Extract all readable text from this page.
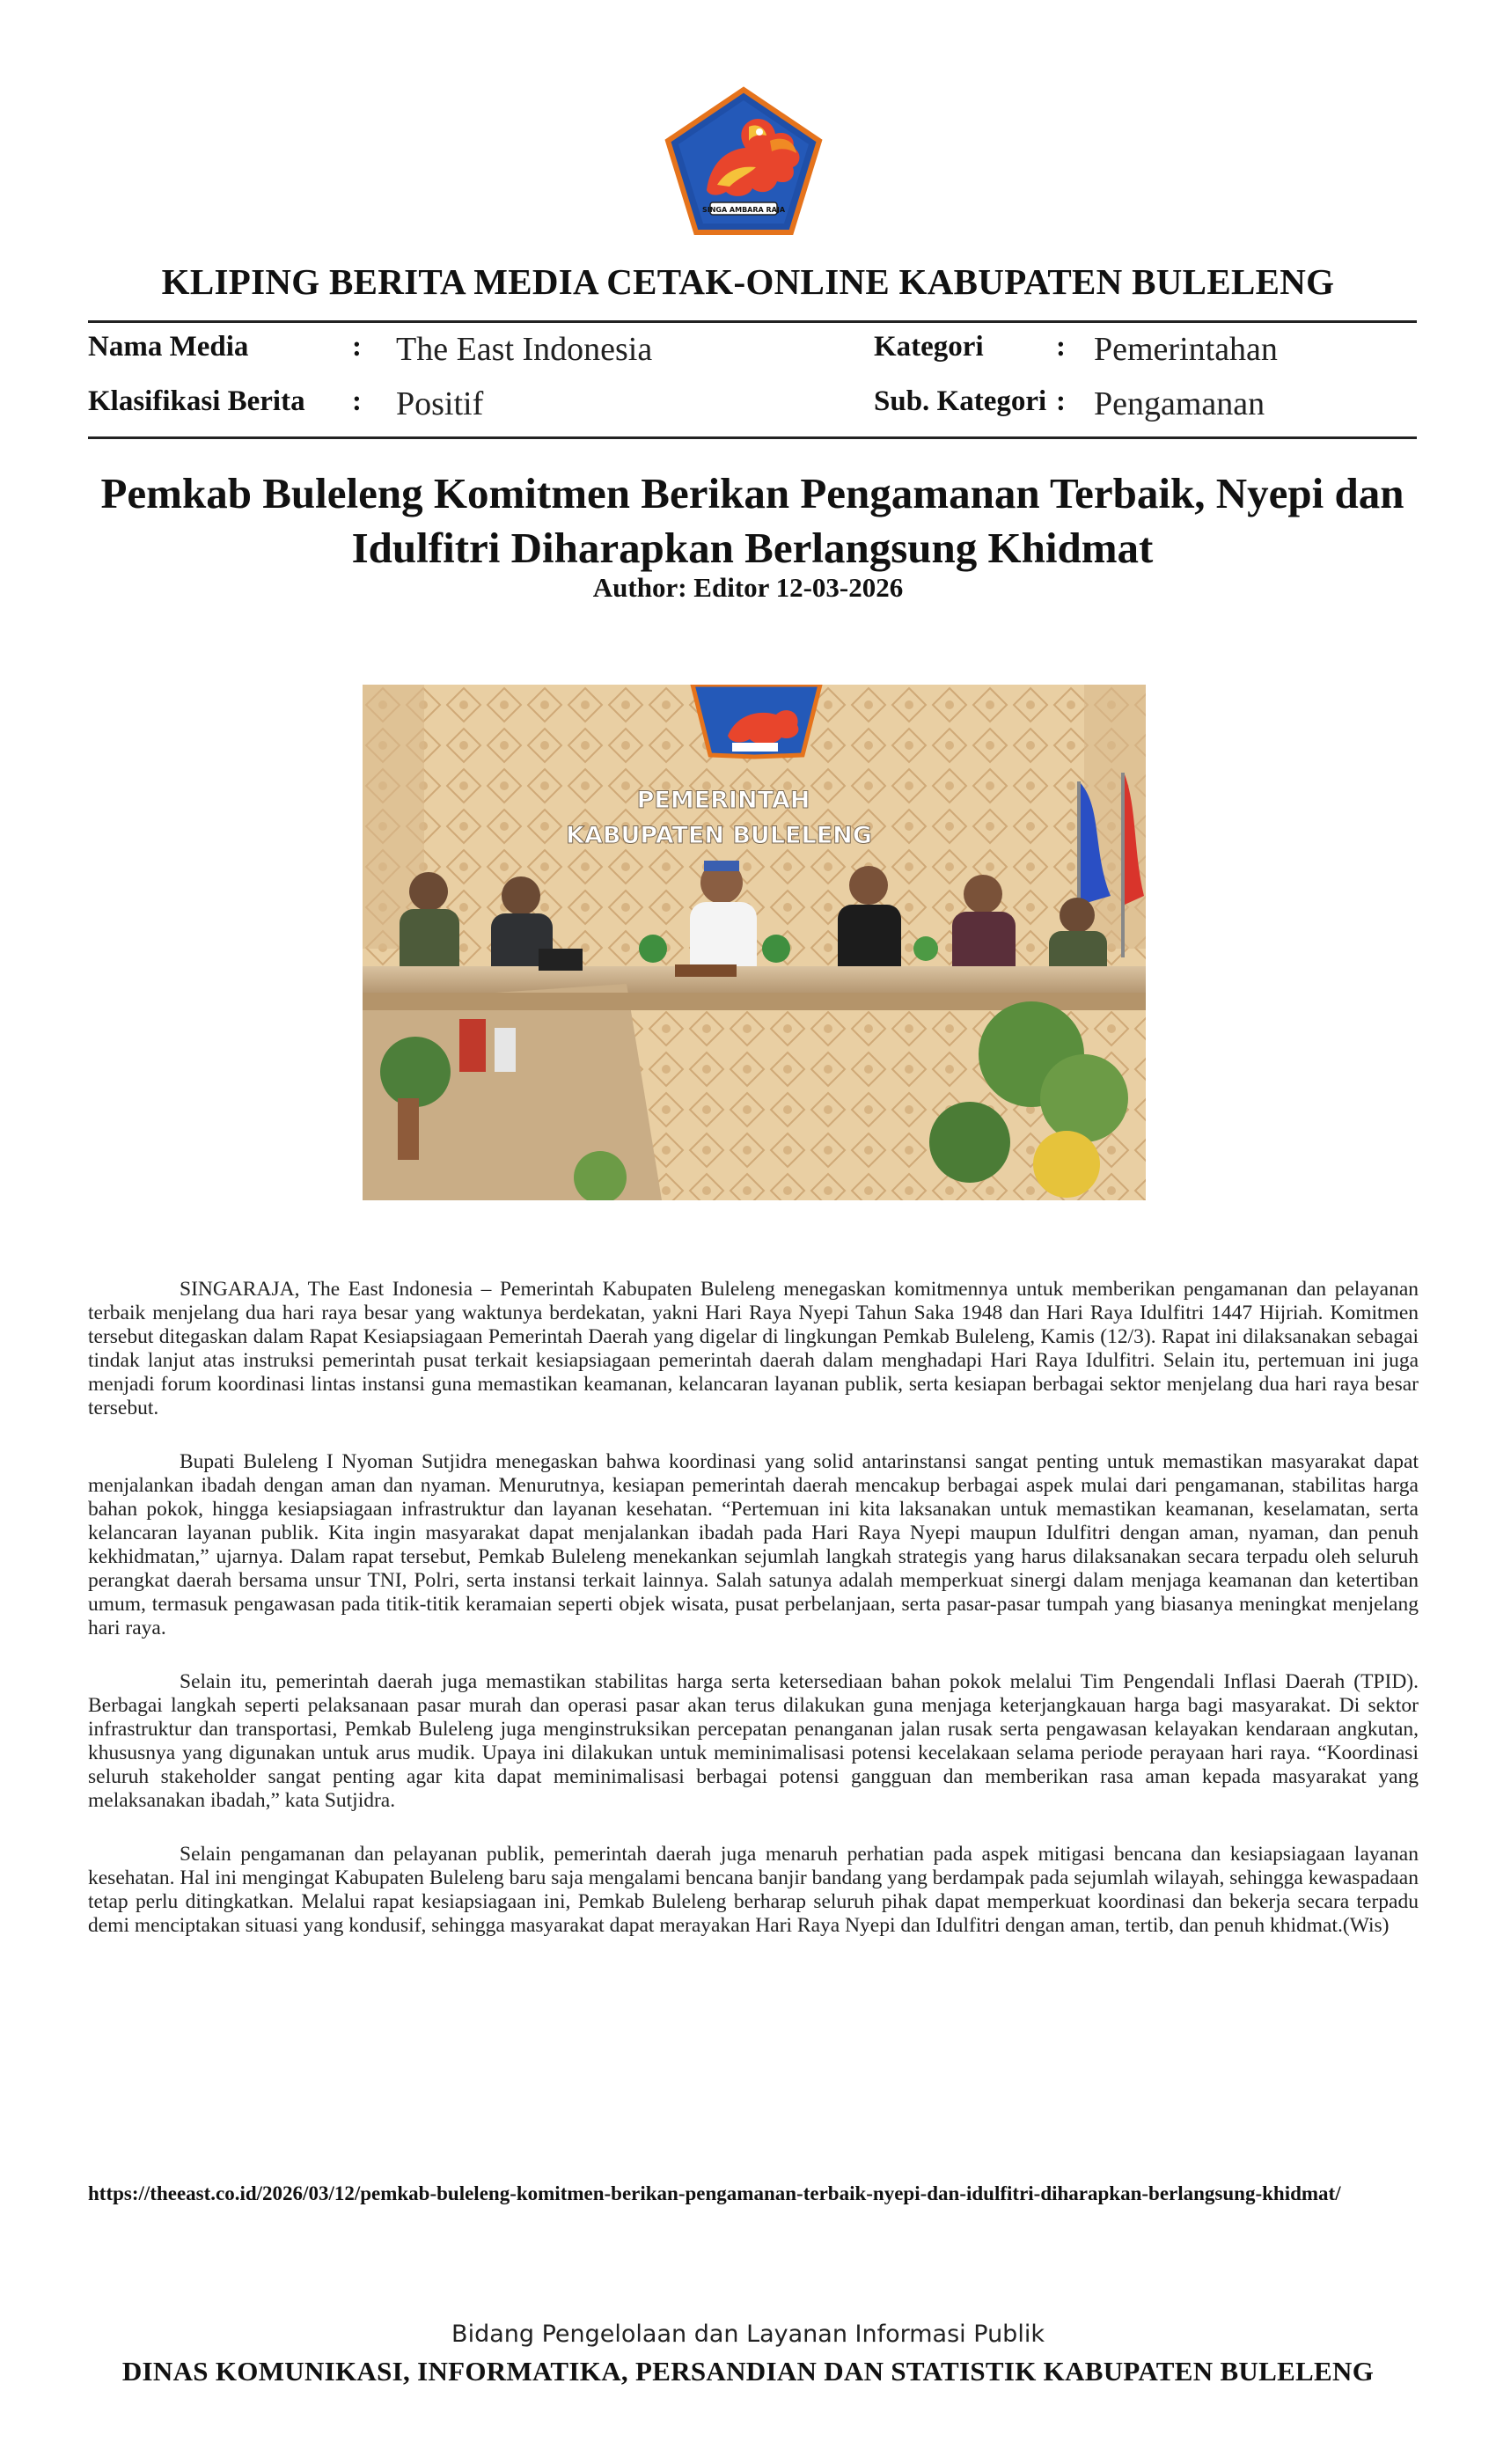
SINGA AMBARA RAJA
KLIPING BERITA MEDIA CETAK-ONLINE KABUPATEN BULELENG
Nama Media	: The East Indonesia	Kategori : Pemerintahan
Klasifikasi Berita : Positif	Sub. Kategori : Pengamanan
Pemkab Buleleng Komitmen Berikan Pengamanan Terbaik, Nyepi dan Idulfitri Diharapkan Berlangsung Khidmat
Author: Editor 12-03-2026
PEMERINTAH
KABUPATEN BULELENG

SINGARAJA, The East Indonesia – Pemerintah Kabupaten Buleleng menegaskan komitmennya untuk memberikan pengamanan dan pelayanan terbaik menjelang dua hari raya besar yang waktunya berdekatan, yakni Hari Raya Nyepi Tahun Saka 1948 dan Hari Raya Idulfitri 1447 Hijriah. Komitmen tersebut ditegaskan dalam Rapat Kesiapsiagaan Pemerintah Daerah yang digelar di lingkungan Pemkab Buleleng, Kamis (12/3). Rapat ini dilaksanakan sebagai tindak lanjut atas instruksi pemerintah pusat terkait kesiapsiagaan pemerintah daerah dalam menghadapi Hari Raya Idulfitri. Selain itu, pertemuan ini juga menjadi forum koordinasi lintas instansi guna memastikan keamanan, kelancaran layanan publik, serta kesiapan berbagai sektor menjelang dua hari raya besar tersebut.

Bupati Buleleng I Nyoman Sutjidra menegaskan bahwa koordinasi yang solid antarinstansi sangat penting untuk memastikan masyarakat dapat menjalankan ibadah dengan aman dan nyaman. Menurutnya, kesiapan pemerintah daerah mencakup berbagai aspek mulai dari pengamanan, stabilitas harga bahan pokok, hingga kesiapsiagaan infrastruktur dan layanan kesehatan. “Pertemuan ini kita laksanakan untuk memastikan keamanan, keselamatan, serta kelancaran layanan publik. Kita ingin masyarakat dapat menjalankan ibadah pada Hari Raya Nyepi maupun Idulfitri dengan aman, nyaman, dan penuh kekhidmatan,” ujarnya. Dalam rapat tersebut, Pemkab Buleleng menekankan sejumlah langkah strategis yang harus dilaksanakan secara terpadu oleh seluruh perangkat daerah bersama unsur TNI, Polri, serta instansi terkait lainnya. Salah satunya adalah memperkuat sinergi dalam menjaga keamanan dan ketertiban umum, termasuk pengawasan pada titik-titik keramaian seperti objek wisata, pusat perbelanjaan, serta pasar-pasar tumpah yang biasanya meningkat menjelang hari raya.

Selain itu, pemerintah daerah juga memastikan stabilitas harga serta ketersediaan bahan pokok melalui Tim Pengendali Inflasi Daerah (TPID). Berbagai langkah seperti pelaksanaan pasar murah dan operasi pasar akan terus dilakukan guna menjaga keterjangkauan harga bagi masyarakat. Di sektor infrastruktur dan transportasi, Pemkab Buleleng juga menginstruksikan percepatan penanganan jalan rusak serta pengawasan kelayakan kendaraan angkutan, khususnya yang digunakan untuk arus mudik. Upaya ini dilakukan untuk meminimalisasi potensi kecelakaan selama periode perayaan hari raya. “Koordinasi seluruh stakeholder sangat penting agar kita dapat meminimalisasi berbagai potensi gangguan dan memberikan rasa aman kepada masyarakat yang melaksanakan ibadah,” kata Sutjidra.

Selain pengamanan dan pelayanan publik, pemerintah daerah juga menaruh perhatian pada aspek mitigasi bencana dan kesiapsiagaan layanan kesehatan. Hal ini mengingat Kabupaten Buleleng baru saja mengalami bencana banjir bandang yang berdampak pada sejumlah wilayah, sehingga kewaspadaan tetap perlu ditingkatkan. Melalui rapat kesiapsiagaan ini, Pemkab Buleleng berharap seluruh pihak dapat memperkuat koordinasi dan bekerja secara terpadu demi menciptakan situasi yang kondusif, sehingga masyarakat dapat merayakan Hari Raya Nyepi dan Idulfitri dengan aman, tertib, dan penuh khidmat.(Wis)

https://theeast.co.id/2026/03/12/pemkab-buleleng-komitmen-berikan-pengamanan-terbaik-nyepi-dan-idulfitri-diharapkan-berlangsung-khidmat/
Bidang Pengelolaan dan Layanan Informasi Publik
DINAS KOMUNIKASI, INFORMATIKA, PERSANDIAN DAN STATISTIK KABUPATEN BULELENG
